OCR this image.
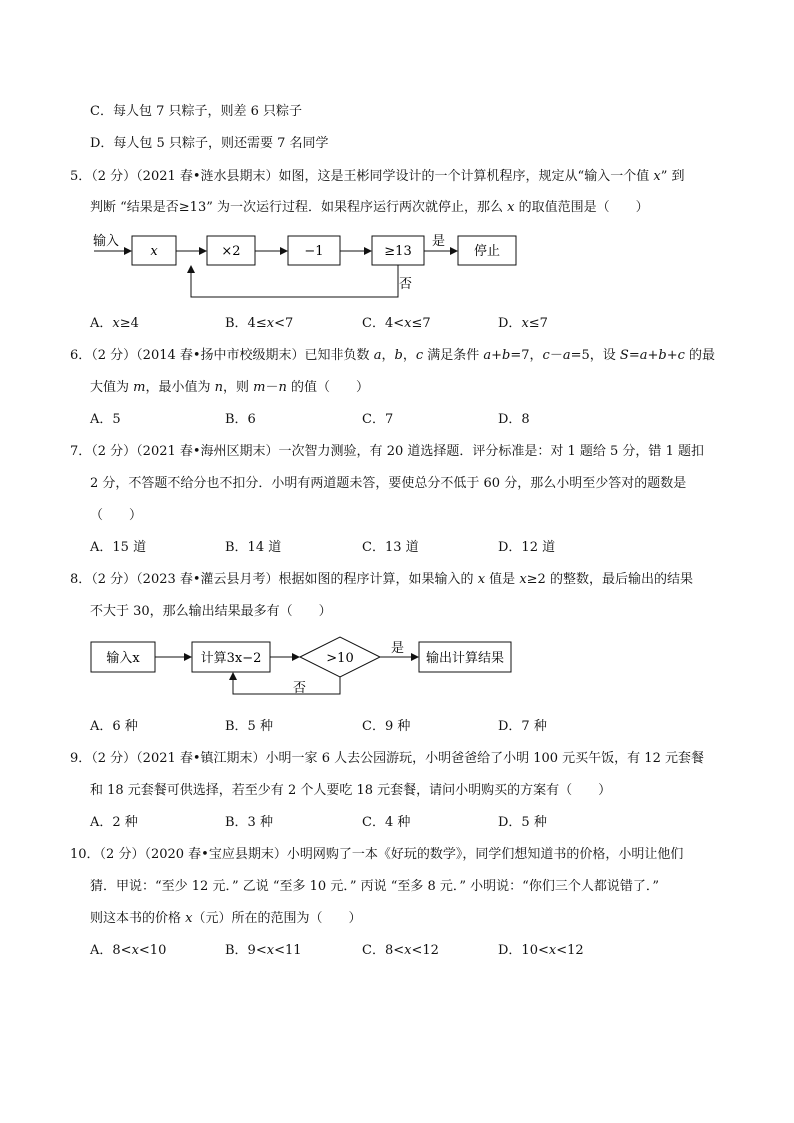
C．每人包 7 只粽子，则差 6 只粽子
D．每人包 5 只粽子，则还需要 7 名同学
5．（2 分）（2021 春•涟水县期末）如图，这是王彬同学设计的一个计算机程序，规定从“输入一个值 x” 到
判断 “结果是否≥13” 为一次运行过程．如果程序运行两次就停止，那么 x 的取值范围是（　　）
输入
x	×2	−1	≥13
是
停止
否
A．x≥4	B．4≤x<7	C．4<x≤7	D．x≤7
6．（2 分）（2014 春•扬中市校级期末）已知非负数 a，b，c 满足条件 a+b=7，c－a=5，设 S=a+b+c 的最
大值为 m，最小值为 n，则 m－n 的值（　　）
A．5	B．6	C．7	D．8
7．（2 分）（2021 春•海州区期末）一次智力测验，有 20 道选择题．评分标准是：对 1 题给 5 分，错 1 题扣
2 分，不答题不给分也不扣分．小明有两道题未答，要使总分不低于 60 分，那么小明至少答对的题数是
（　　）
A．15 道	B．14 道	C．13 道	D．12 道
8．（2 分）（2023 春•灌云县月考）根据如图的程序计算，如果输入的 x 值是 x≥2 的整数，最后输出的结果
不大于 30，那么输出结果最多有（　　）
输入x	计算3x−2	>10
是
输出计算结果
否
A．6 种	B．5 种	C．9 种	D．7 种
9．（2 分）（2021 春•镇江期末）小明一家 6 人去公园游玩，小明爸爸给了小明 100 元买午饭，有 12 元套餐
和 18 元套餐可供选择，若至少有 2 个人要吃 18 元套餐，请问小明购买的方案有（　　）
A．2 种	B．3 种	C．4 种	D．5 种
10．（2 分）（2020 春•宝应县期末）小明网购了一本《好玩的数学》，同学们想知道书的价格，小明让他们
猜．甲说：“至少 12 元．” 乙说 “至多 10 元．” 丙说 “至多 8 元．” 小明说：“你们三个人都说错了．”
则这本书的价格 x（元）所在的范围为（　　）
A．8<x<10	B．9<x<11	C．8<x<12	D．10<x<12
